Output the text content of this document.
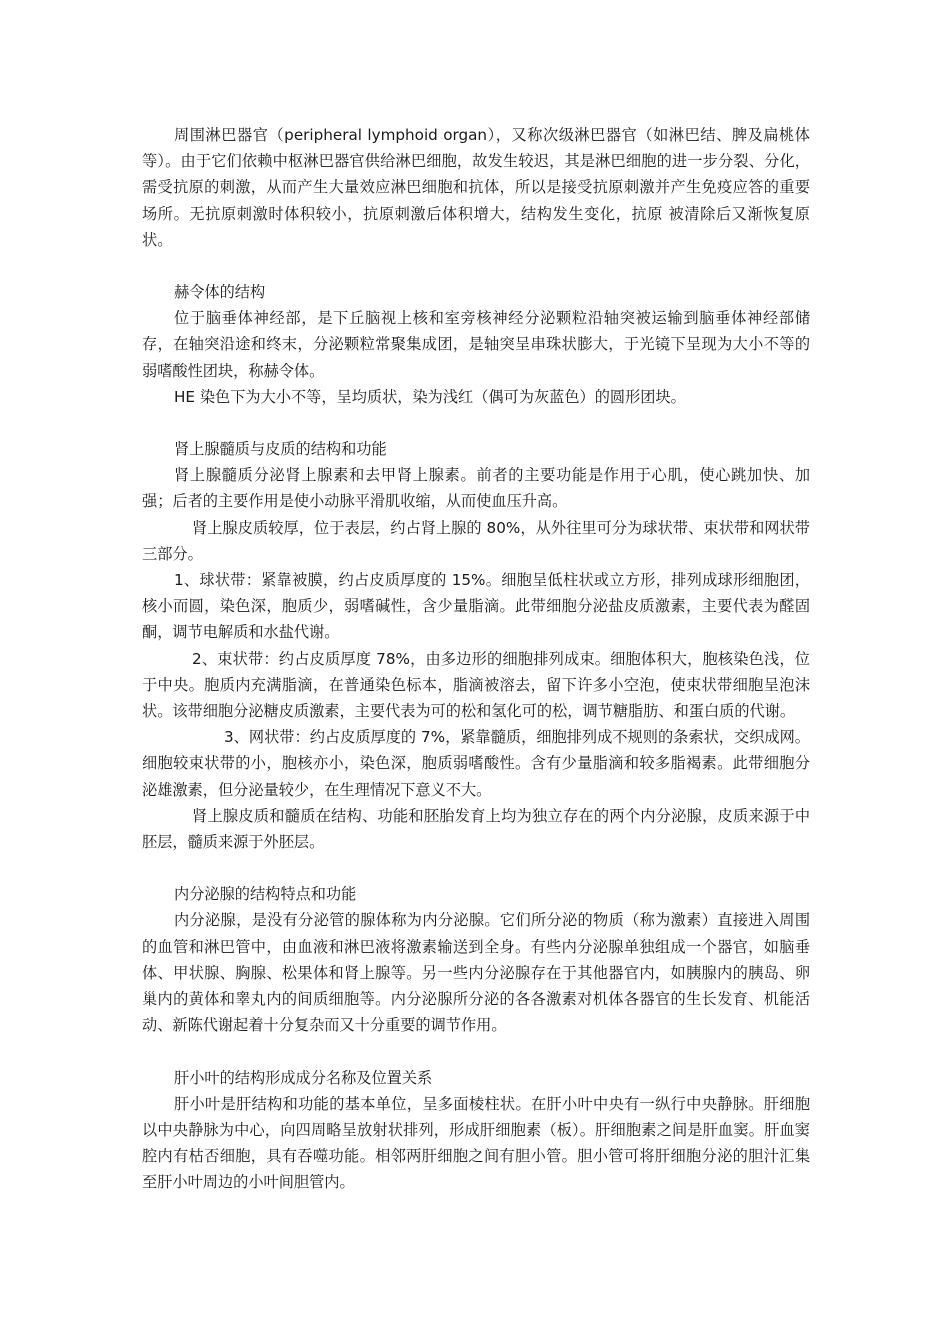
周围淋巴器官（peripheral lymphoid organ），又称次级淋巴器官（如淋巴结、脾及扁桃体等）。由于它们依赖中枢淋巴器官供给淋巴细胞，故发生较迟，其是淋巴细胞的进一步分裂、分化，需受抗原的刺激，从而产生大量效应淋巴细胞和抗体，所以是接受抗原刺激并产生免疫应答的重要场所。无抗原刺激时体积较小，抗原刺激后体积增大，结构发生变化，抗原 被清除后又渐恢复原状。

赫令体的结构

位于脑垂体神经部，是下丘脑视上核和室旁核神经分泌颗粒沿轴突被运输到脑垂体神经部储存，在轴突沿途和终末，分泌颗粒常聚集成团，是轴突呈串珠状膨大，于光镜下呈现为大小不等的弱嗜酸性团块，称赫令体。

HE 染色下为大小不等，呈均质状，染为浅红（偶可为灰蓝色）的圆形团块。

肾上腺髓质与皮质的结构和功能

肾上腺髓质分泌肾上腺素和去甲肾上腺素。前者的主要功能是作用于心肌，使心跳加快、加强；后者的主要作用是使小动脉平滑肌收缩，从而使血压升高。

肾上腺皮质较厚，位于表层，约占肾上腺的 80%，从外往里可分为球状带、束状带和网状带三部分。

1、球状带：紧靠被膜，约占皮质厚度的 15%。细胞呈低柱状或立方形，排列成球形细胞团，核小而圆，染色深，胞质少，弱嗜碱性，含少量脂滴。此带细胞分泌盐皮质激素，主要代表为醛固酮，调节电解质和水盐代谢。

2、束状带：约占皮质厚度 78%，由多边形的细胞排列成束。细胞体积大，胞核染色浅，位于中央。胞质内充满脂滴，在普通染色标本，脂滴被溶去，留下许多小空泡，使束状带细胞呈泡沫状。该带细胞分泌糖皮质激素，主要代表为可的松和氢化可的松，调节糖脂肪、和蛋白质的代谢。

3、网状带：约占皮质厚度的 7%，紧靠髓质，细胞排列成不规则的条索状，交织成网。细胞较束状带的小，胞核亦小，染色深，胞质弱嗜酸性。含有少量脂滴和较多脂褐素。此带细胞分泌雄激素，但分泌量较少，在生理情况下意义不大。

肾上腺皮质和髓质在结构、功能和胚胎发育上均为独立存在的两个内分泌腺，皮质来源于中胚层，髓质来源于外胚层。

内分泌腺的结构特点和功能

内分泌腺，是没有分泌管的腺体称为内分泌腺。它们所分泌的物质（称为激素）直接进入周围的血管和淋巴管中，由血液和淋巴液将激素输送到全身。有些内分泌腺单独组成一个器官，如脑垂体、甲状腺、胸腺、松果体和肾上腺等。另一些内分泌腺存在于其他器官内，如胰腺内的胰岛、卵巢内的黄体和睾丸内的间质细胞等。内分泌腺所分泌的各各激素对机体各器官的生长发育、机能活动、新陈代谢起着十分复杂而又十分重要的调节作用。

肝小叶的结构形成成分名称及位置关系

肝小叶是肝结构和功能的基本单位，呈多面棱柱状。在肝小叶中央有一纵行中央静脉。肝细胞以中央静脉为中心，向四周略呈放射状排列，形成肝细胞素（板）。肝细胞素之间是肝血窦。肝血窦腔内有枯否细胞，具有吞噬功能。相邻两肝细胞之间有胆小管。胆小管可将肝细胞分泌的胆汁汇集至肝小叶周边的小叶间胆管内。
